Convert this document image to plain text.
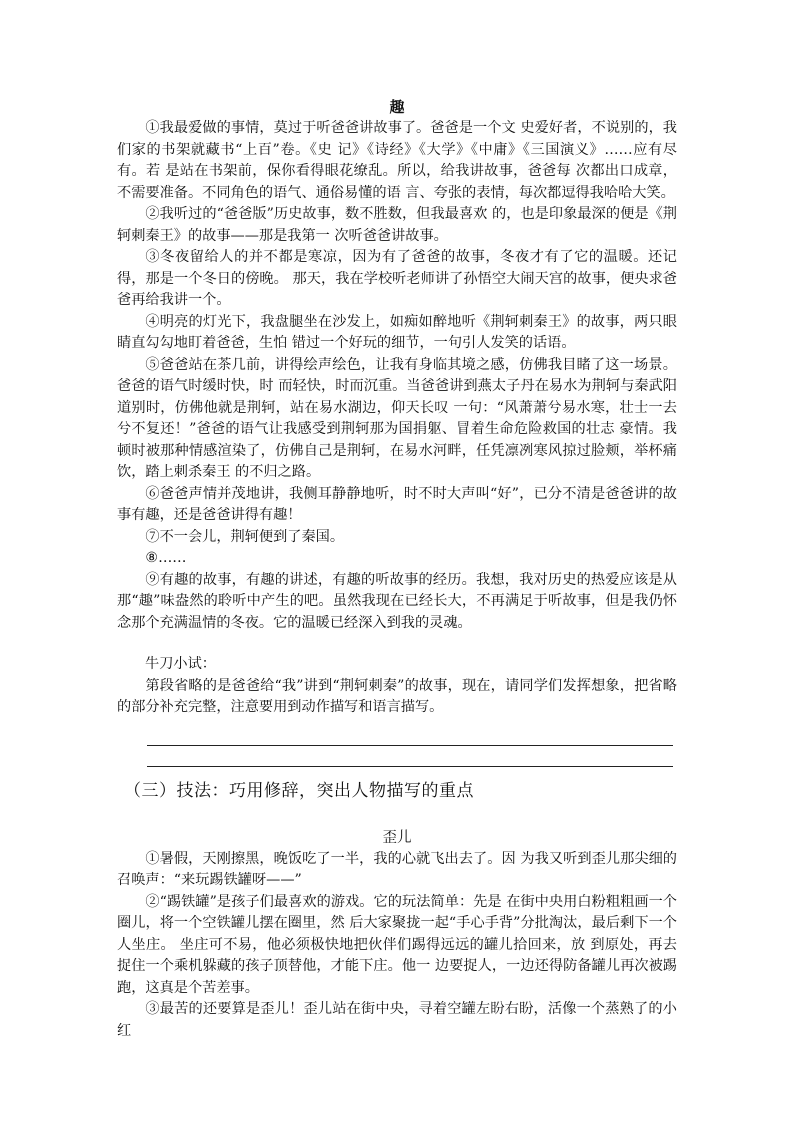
趣

①我最爱做的事情，莫过于听爸爸讲故事了。爸爸是一个文 史爱好者，不说别的，我们家的书架就藏书“上百”卷。《史 记》《诗经》《大学》《中庸》《三国演义》……应有尽有。若 是站在书架前，保你看得眼花缭乱。所以，给我讲故事，爸爸每 次都出口成章，不需要准备。不同角色的语气、通俗易懂的语 言、夸张的表情，每次都逗得我哈哈大笑。

②我听过的“爸爸版”历史故事，数不胜数，但我最喜欢 的，也是印象最深的便是《荆轲刺秦王》的故事——那是我第一 次听爸爸讲故事。

③冬夜留给人的并不都是寒凉，因为有了爸爸的故事，冬夜才有了它的温暖。还记得，那是一个冬日的傍晚。 那天，我在学校听老师讲了孙悟空大闹天宫的故事，便央求爸爸再给我讲一个。

④明亮的灯光下，我盘腿坐在沙发上，如痴如醉地听《荆轲刺秦王》的故事，两只眼睛直勾勾地盯着爸爸，生怕 错过一个好玩的细节，一句引人发笑的话语。

⑤爸爸站在茶几前，讲得绘声绘色，让我有身临其境之感，仿佛我目睹了这一场景。爸爸的语气时缓时快，时 而轻快，时而沉重。当爸爸讲到燕太子丹在易水为荆轲与秦武阳道别时，仿佛他就是荆轲，站在易水湖边，仰天长叹 一句：“风萧萧兮易水寒，壮士一去兮不复还！”爸爸的语气让我感受到荆轲那为国捐躯、冒着生命危险救国的壮志 豪情。我顿时被那种情感渲染了，仿佛自己是荆轲，在易水河畔，任凭凛冽寒风掠过脸颊，举杯痛饮，踏上刺杀秦王 的不归之路。

⑥爸爸声情并茂地讲，我侧耳静静地听，时不时大声叫“好”，已分不清是爸爸讲的故事有趣，还是爸爸讲得有趣！

⑦不一会儿，荆轲便到了秦国。

⑧……

⑨有趣的故事，有趣的讲述，有趣的听故事的经历。我想，我对历史的热爱应该是从那“趣”味盎然的聆听中产生的吧。虽然我现在已经长大，不再满足于听故事，但是我仍怀念那个充满温情的冬夜。它的温暖已经深入到我的灵魂。

牛刀小试：

第段省略的是爸爸给“我”讲到“荆轲刺秦”的故事，现在，请同学们发挥想象，把省略的部分补充完整，注意要用到动作描写和语言描写。

（三）技法：巧用修辞，突出人物描写的重点

歪儿

①暑假，天刚擦黑，晚饭吃了一半，我的心就飞出去了。因 为我又听到歪儿那尖细的召唤声：“来玩踢铁罐呀——”

②“踢铁罐”是孩子们最喜欢的游戏。它的玩法简单：先是 在街中央用白粉粗粗画一个圈儿，将一个空铁罐儿摆在圈里，然 后大家聚拢一起“手心手背”分批淘汰，最后剩下一个人坐庄。 坐庄可不易，他必须极快地把伙伴们踢得远远的罐儿拾回来，放 到原处，再去捉住一个乘机躲藏的孩子顶替他，才能下庄。他一 边要捉人，一边还得防备罐儿再次被踢跑，这真是个苦差事。

③最苦的还要算是歪儿！歪儿站在街中央，寻着空罐左盼右盼，活像一个蒸熟了的小红
